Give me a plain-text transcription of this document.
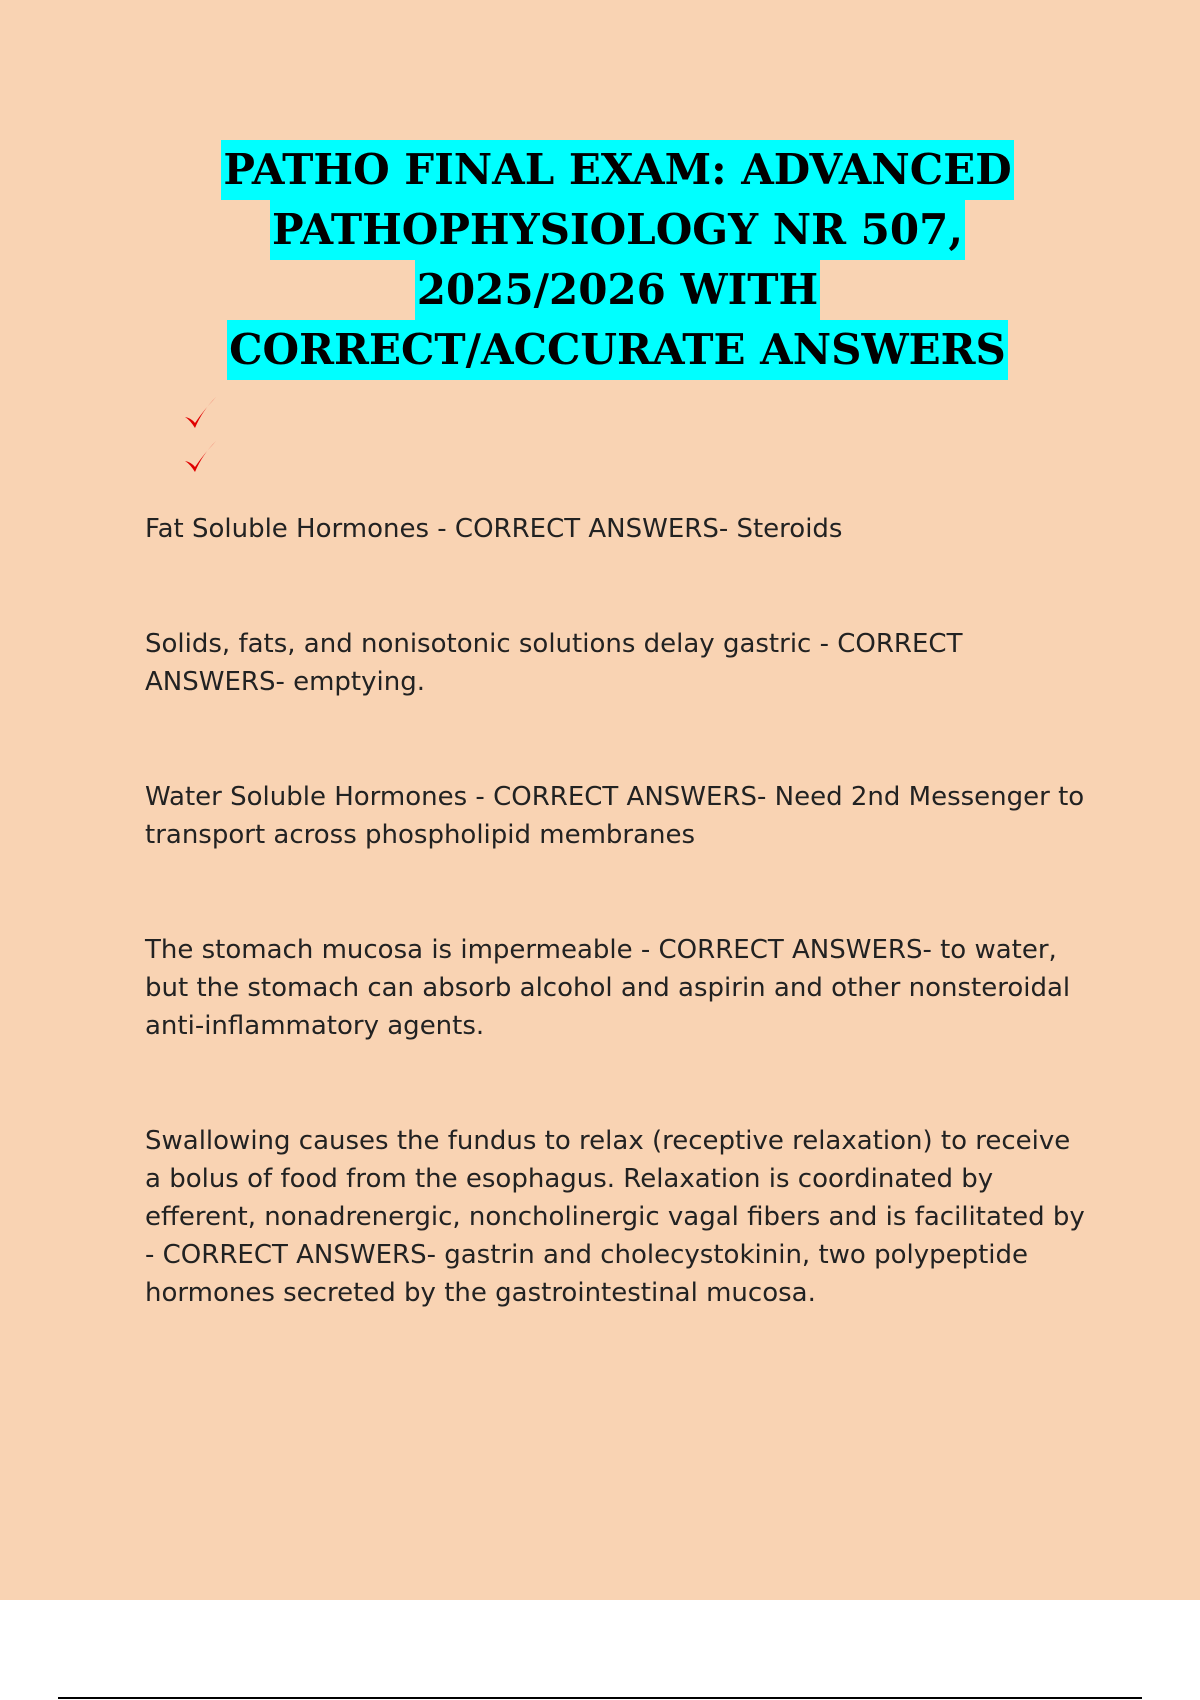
PATHO FINAL EXAM: ADVANCED
PATHOPHYSIOLOGY NR 507,
2025/2026 WITH
CORRECT/ACCURATE ANSWERS

Fat Soluble Hormones - CORRECT ANSWERS- Steroids

Solids, fats, and nonisotonic solutions delay gastric - CORRECT ANSWERS- emptying.

Water Soluble Hormones - CORRECT ANSWERS- Need 2nd Messenger to transport across phospholipid membranes

The stomach mucosa is impermeable - CORRECT ANSWERS- to water, but the stomach can absorb alcohol and aspirin and other nonsteroidal anti-inflammatory agents.

Swallowing causes the fundus to relax (receptive relaxation) to receive a bolus of food from the esophagus. Relaxation is coordinated by efferent, nonadrenergic, noncholinergic vagal fibers and is facilitated by - CORRECT ANSWERS- gastrin and cholecystokinin, two polypeptide hormones secreted by the gastrointestinal mucosa.
